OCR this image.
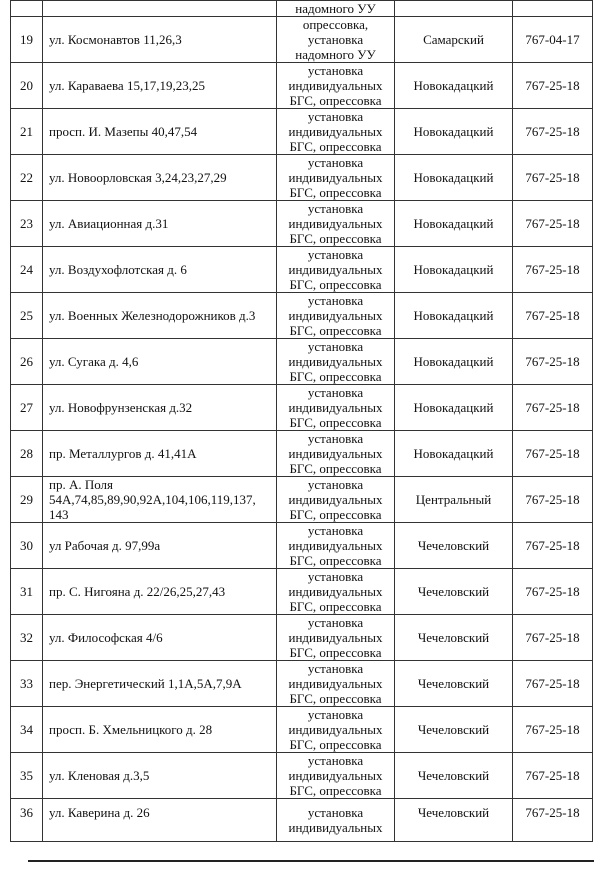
		надомного УУ		
19	ул. Космонавтов 11,26,3	опрессовка, установка надомного УУ	Самарский	767-04-17
20	ул. Караваева 15,17,19,23,25	установка индивидуальных БГС, опрессовка	Новокадацкий	767-25-18
21	просп. И. Мазепы 40,47,54	установка индивидуальных БГС, опрессовка	Новокадацкий	767-25-18
22	ул. Новоорловская 3,24,23,27,29	установка индивидуальных БГС, опрессовка	Новокадацкий	767-25-18
23	ул. Авиационная д.31	установка индивидуальных БГС, опрессовка	Новокадацкий	767-25-18
24	ул. Воздухофлотская д. 6	установка индивидуальных БГС, опрессовка	Новокадацкий	767-25-18
25	ул. Военных Железнодорожников д.3	установка индивидуальных БГС, опрессовка	Новокадацкий	767-25-18
26	ул. Сугака д. 4,6	установка индивидуальных БГС, опрессовка	Новокадацкий	767-25-18
27	ул. Новофрунзенская д.32	установка индивидуальных БГС, опрессовка	Новокадацкий	767-25-18
28	пр. Металлургов д. 41,41А	установка индивидуальных БГС, опрессовка	Новокадацкий	767-25-18
29	пр. А. Поля 54А,74,85,89,90,92А,104,106,119,137, 143	установка индивидуальных БГС, опрессовка	Центральный	767-25-18
30	ул Рабочая д. 97,99а	установка индивидуальных БГС, опрессовка	Чечеловский	767-25-18
31	пр. С. Нигояна д. 22/26,25,27,43	установка индивидуальных БГС, опрессовка	Чечеловский	767-25-18
32	ул. Философская 4/6	установка индивидуальных БГС, опрессовка	Чечеловский	767-25-18
33	пер. Энергетический 1,1А,5А,7,9А	установка индивидуальных БГС, опрессовка	Чечеловский	767-25-18
34	просп. Б. Хмельницкого д. 28	установка индивидуальных БГС, опрессовка	Чечеловский	767-25-18
35	ул. Кленовая д.3,5	установка индивидуальных БГС, опрессовка	Чечеловский	767-25-18
36	ул. Каверина д. 26	установка индивидуальных	Чечеловский	767-25-18
